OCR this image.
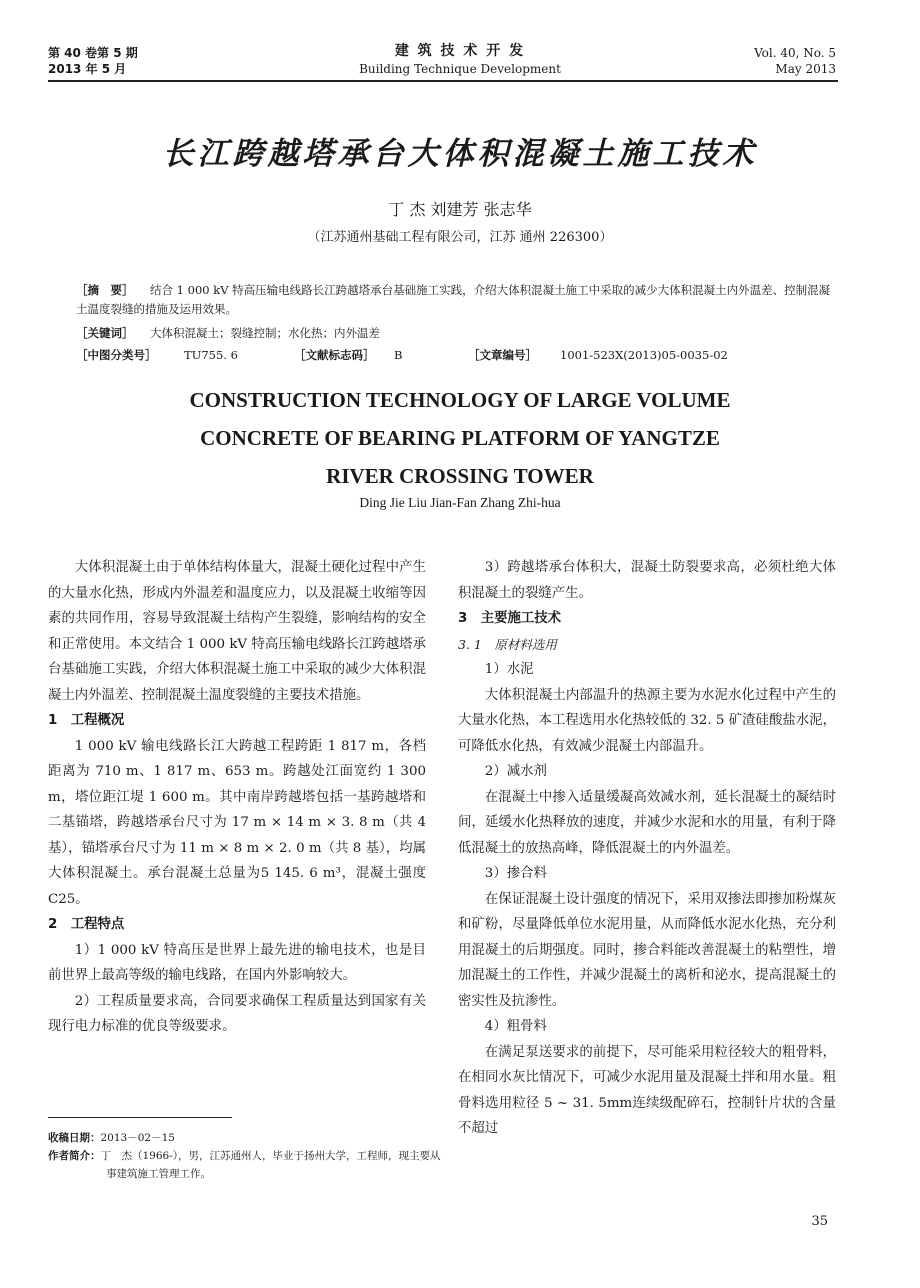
第 40 卷第 5 期
2013 年 5 月
建 筑 技 术 开 发
Building Technique Development
Vol. 40, No. 5
May 2013
长江跨越塔承台大体积混凝土施工技术
丁 杰 刘建芳 张志华
（江苏通州基础工程有限公司，江苏 通州 226300）
［摘　要］ 结合 1 000 kV 特高压输电线路长江跨越塔承台基础施工实践，介绍大体积混凝土施工中采取的减少大体积混凝土内外温差、控制混凝土温度裂缝的措施及运用效果。
［关键词］ 大体积混凝土；裂缝控制；水化热；内外温差
［中图分类号］ TU755. 6	［文献标志码］ B	［文章编号］ 1001-523X(2013)05-0035-02
CONSTRUCTION TECHNOLOGY OF LARGE VOLUME
CONCRETE OF BEARING PLATFORM OF YANGTZE
RIVER CROSSING TOWER
Ding Jie Liu Jian-Fan Zhang Zhi-hua

大体积混凝土由于单体结构体量大，混凝土硬化过程中产生的大量水化热，形成内外温差和温度应力，以及混凝土收缩等因素的共同作用，容易导致混凝土结构产生裂缝，影响结构的安全和正常使用。本文结合 1 000 kV 特高压输电线路长江跨越塔承台基础施工实践，介绍大体积混凝土施工中采取的减少大体积混凝土内外温差、控制混凝土温度裂缝的主要技术措施。

1　工程概况

1 000 kV 输电线路长江大跨越工程跨距 1 817 m，各档距离为 710 m、1 817 m、653 m。跨越处江面宽约 1 300 m，塔位距江堤 1 600 m。其中南岸跨越塔包括一基跨越塔和二基锚塔，跨越塔承台尺寸为 17 m × 14 m × 3. 8 m（共 4 基），锚塔承台尺寸为 11 m × 8 m × 2. 0 m（共 8 基），均属大体积混凝土。承台混凝土总量为5 145. 6 m³，混凝土强度 C25。

2　工程特点

1）1 000 kV 特高压是世界上最先进的输电技术，也是目前世界上最高等级的输电线路，在国内外影响较大。

2）工程质量要求高，合同要求确保工程质量达到国家有关现行电力标准的优良等级要求。

收稿日期：2013－02－15
作者简介：丁　杰（1966-），男，江苏通州人，毕业于扬州大学，工程师，现主要从事建筑施工管理工作。

3）跨越塔承台体积大，混凝土防裂要求高，必须杜绝大体积混凝土的裂缝产生。

3　主要施工技术
3. 1　原材料选用

1）水泥

大体积混凝土内部温升的热源主要为水泥水化过程中产生的大量水化热，本工程选用水化热较低的 32. 5 矿渣硅酸盐水泥，可降低水化热，有效减少混凝土内部温升。

2）减水剂

在混凝土中掺入适量缓凝高效减水剂，延长混凝土的凝结时间，延缓水化热释放的速度，并减少水泥和水的用量，有利于降低混凝土的放热高峰，降低混凝土的内外温差。

3）掺合料

在保证混凝土设计强度的情况下，采用双掺法即掺加粉煤灰和矿粉，尽量降低单位水泥用量，从而降低水泥水化热，充分利用混凝土的后期强度。同时，掺合料能改善混凝土的粘塑性，增加混凝土的工作性，并减少混凝土的离析和泌水，提高混凝土的密实性及抗渗性。

4）粗骨料

在满足泵送要求的前提下，尽可能采用粒径较大的粗骨料，在相同水灰比情况下，可减少水泥用量及混凝土拌和用水量。粗骨料选用粒径 5 ~ 31. 5mm连续级配碎石，控制针片状的含量不超过

35
